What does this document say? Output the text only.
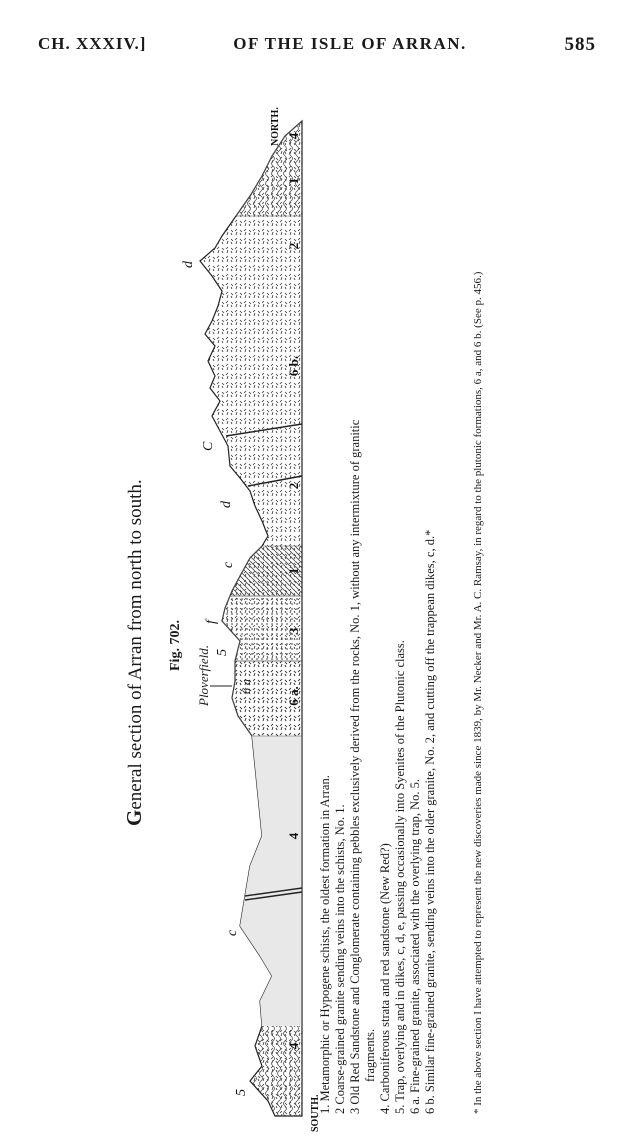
CH. XXXIV.]	OF THE ISLE OF ARRAN.	585
General section of Arran from north to south. Fig. 702. Ploverfield.
5
c
6 a
5
f
c
d
C
d
4
4
6 a.
3
1
2
6 b.
2
1
4
SOUTH.
NORTH.
1. Metamorphic or Hypogene schists, the oldest formation in Arran. 2 Coarse-grained granite sending veins into the schists, No. 1. 3 Old Red Sandstone and Conglomerate containing pebbles exclusively derived from the rocks, No. 1, without any intermixture of granitic fragments. 4. Carboniferous strata and red sandstone (New Red?) 5. Trap, overlying and in dikes, c, d, e, passing occasionally into Syenites of the Plutonic class. 6 a. Fine-grained granite, associated with the overlying trap, No. 5. 6 b. Similar fine-grained granite, sending veins into the older granite, No. 2, and cutting off the trappean dikes, c, d.*	* In the above section I have attempted to represent the new discoveries made since 1839, by Mr. Necker and Mr. A. C. Ramsay, in regard to the plutonic formations, 6 a, and 6 b. (See p. 456.)
